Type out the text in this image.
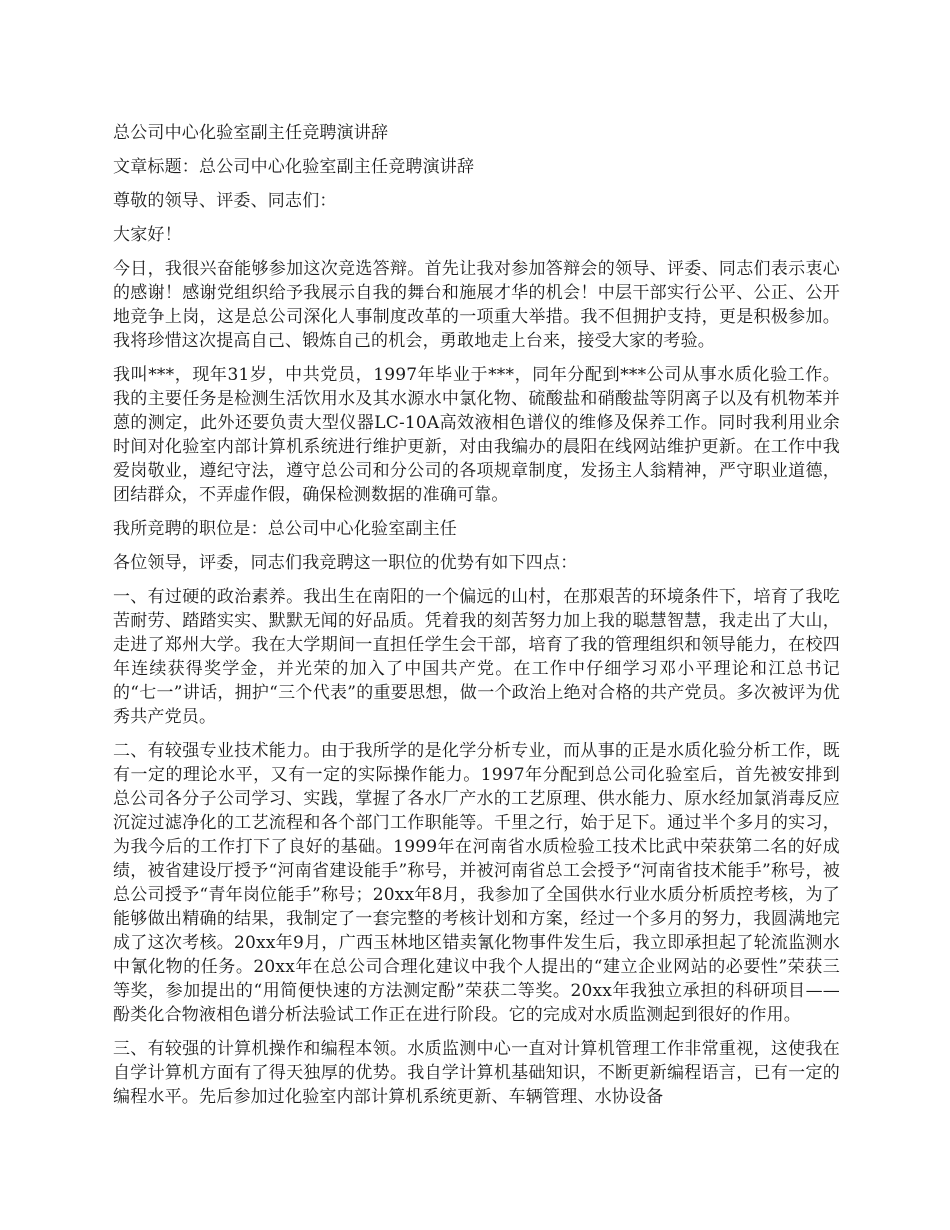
总公司中心化验室副主任竞聘演讲辞

文章标题：总公司中心化验室副主任竞聘演讲辞

尊敬的领导、评委、同志们：

大家好！

今日，我很兴奋能够参加这次竞选答辩。首先让我对参加答辩会的领导、评委、同志们表示衷心的感谢！感谢党组织给予我展示自我的舞台和施展才华的机会！中层干部实行公平、公正、公开地竞争上岗，这是总公司深化人事制度改革的一项重大举措。我不但拥护支持，更是积极参加。我将珍惜这次提高自己、锻炼自己的机会，勇敢地走上台来，接受大家的考验。

我叫***，现年31岁，中共党员，1997年毕业于***，同年分配到***公司从事水质化验工作。我的主要任务是检测生活饮用水及其水源水中氯化物、硫酸盐和硝酸盐等阴离子以及有机物苯并蒽的测定，此外还要负责大型仪器LC-10A高效液相色谱仪的维修及保养工作。同时我利用业余时间对化验室内部计算机系统进行维护更新，对由我编办的晨阳在线网站维护更新。在工作中我爱岗敬业，遵纪守法，遵守总公司和分公司的各项规章制度，发扬主人翁精神，严守职业道德，团结群众，不弄虚作假，确保检测数据的准确可靠。

我所竞聘的职位是：总公司中心化验室副主任

各位领导，评委，同志们我竞聘这一职位的优势有如下四点：

一、有过硬的政治素养。我出生在南阳的一个偏远的山村，在那艰苦的环境条件下，培育了我吃苦耐劳、踏踏实实、默默无闻的好品质。凭着我的刻苦努力加上我的聪慧智慧，我走出了大山，走进了郑州大学。我在大学期间一直担任学生会干部，培育了我的管理组织和领导能力，在校四年连续获得奖学金，并光荣的加入了中国共产党。在工作中仔细学习邓小平理论和江总书记的“七一”讲话，拥护“三个代表”的重要思想，做一个政治上绝对合格的共产党员。多次被评为优秀共产党员。

二、有较强专业技术能力。由于我所学的是化学分析专业，而从事的正是水质化验分析工作，既有一定的理论水平，又有一定的实际操作能力。1997年分配到总公司化验室后，首先被安排到总公司各分子公司学习、实践，掌握了各水厂产水的工艺原理、供水能力、原水经加氯消毒反应沉淀过滤净化的工艺流程和各个部门工作职能等。千里之行，始于足下。通过半个多月的实习，为我今后的工作打下了良好的基础。1999年在河南省水质检验工技术比武中荣获第二名的好成绩，被省建设厅授予“河南省建设能手”称号，并被河南省总工会授予“河南省技术能手”称号，被总公司授予“青年岗位能手”称号；20xx年8月，我参加了全国供水行业水质分析质控考核，为了能够做出精确的结果，我制定了一套完整的考核计划和方案，经过一个多月的努力，我圆满地完成了这次考核。20xx年9月，广西玉林地区错卖氰化物事件发生后，我立即承担起了轮流监测水中氰化物的任务。20xx年在总公司合理化建议中我个人提出的“建立企业网站的必要性”荣获三等奖，参加提出的“用简便快速的方法测定酚”荣获二等奖。20xx年我独立承担的科研项目——酚类化合物液相色谱分析法验试工作正在进行阶段。它的完成对水质监测起到很好的作用。

三、有较强的计算机操作和编程本领。水质监测中心一直对计算机管理工作非常重视，这使我在自学计算机方面有了得天独厚的优势。我自学计算机基础知识，不断更新编程语言，已有一定的编程水平。先后参加过化验室内部计算机系统更新、车辆管理、水协设备
